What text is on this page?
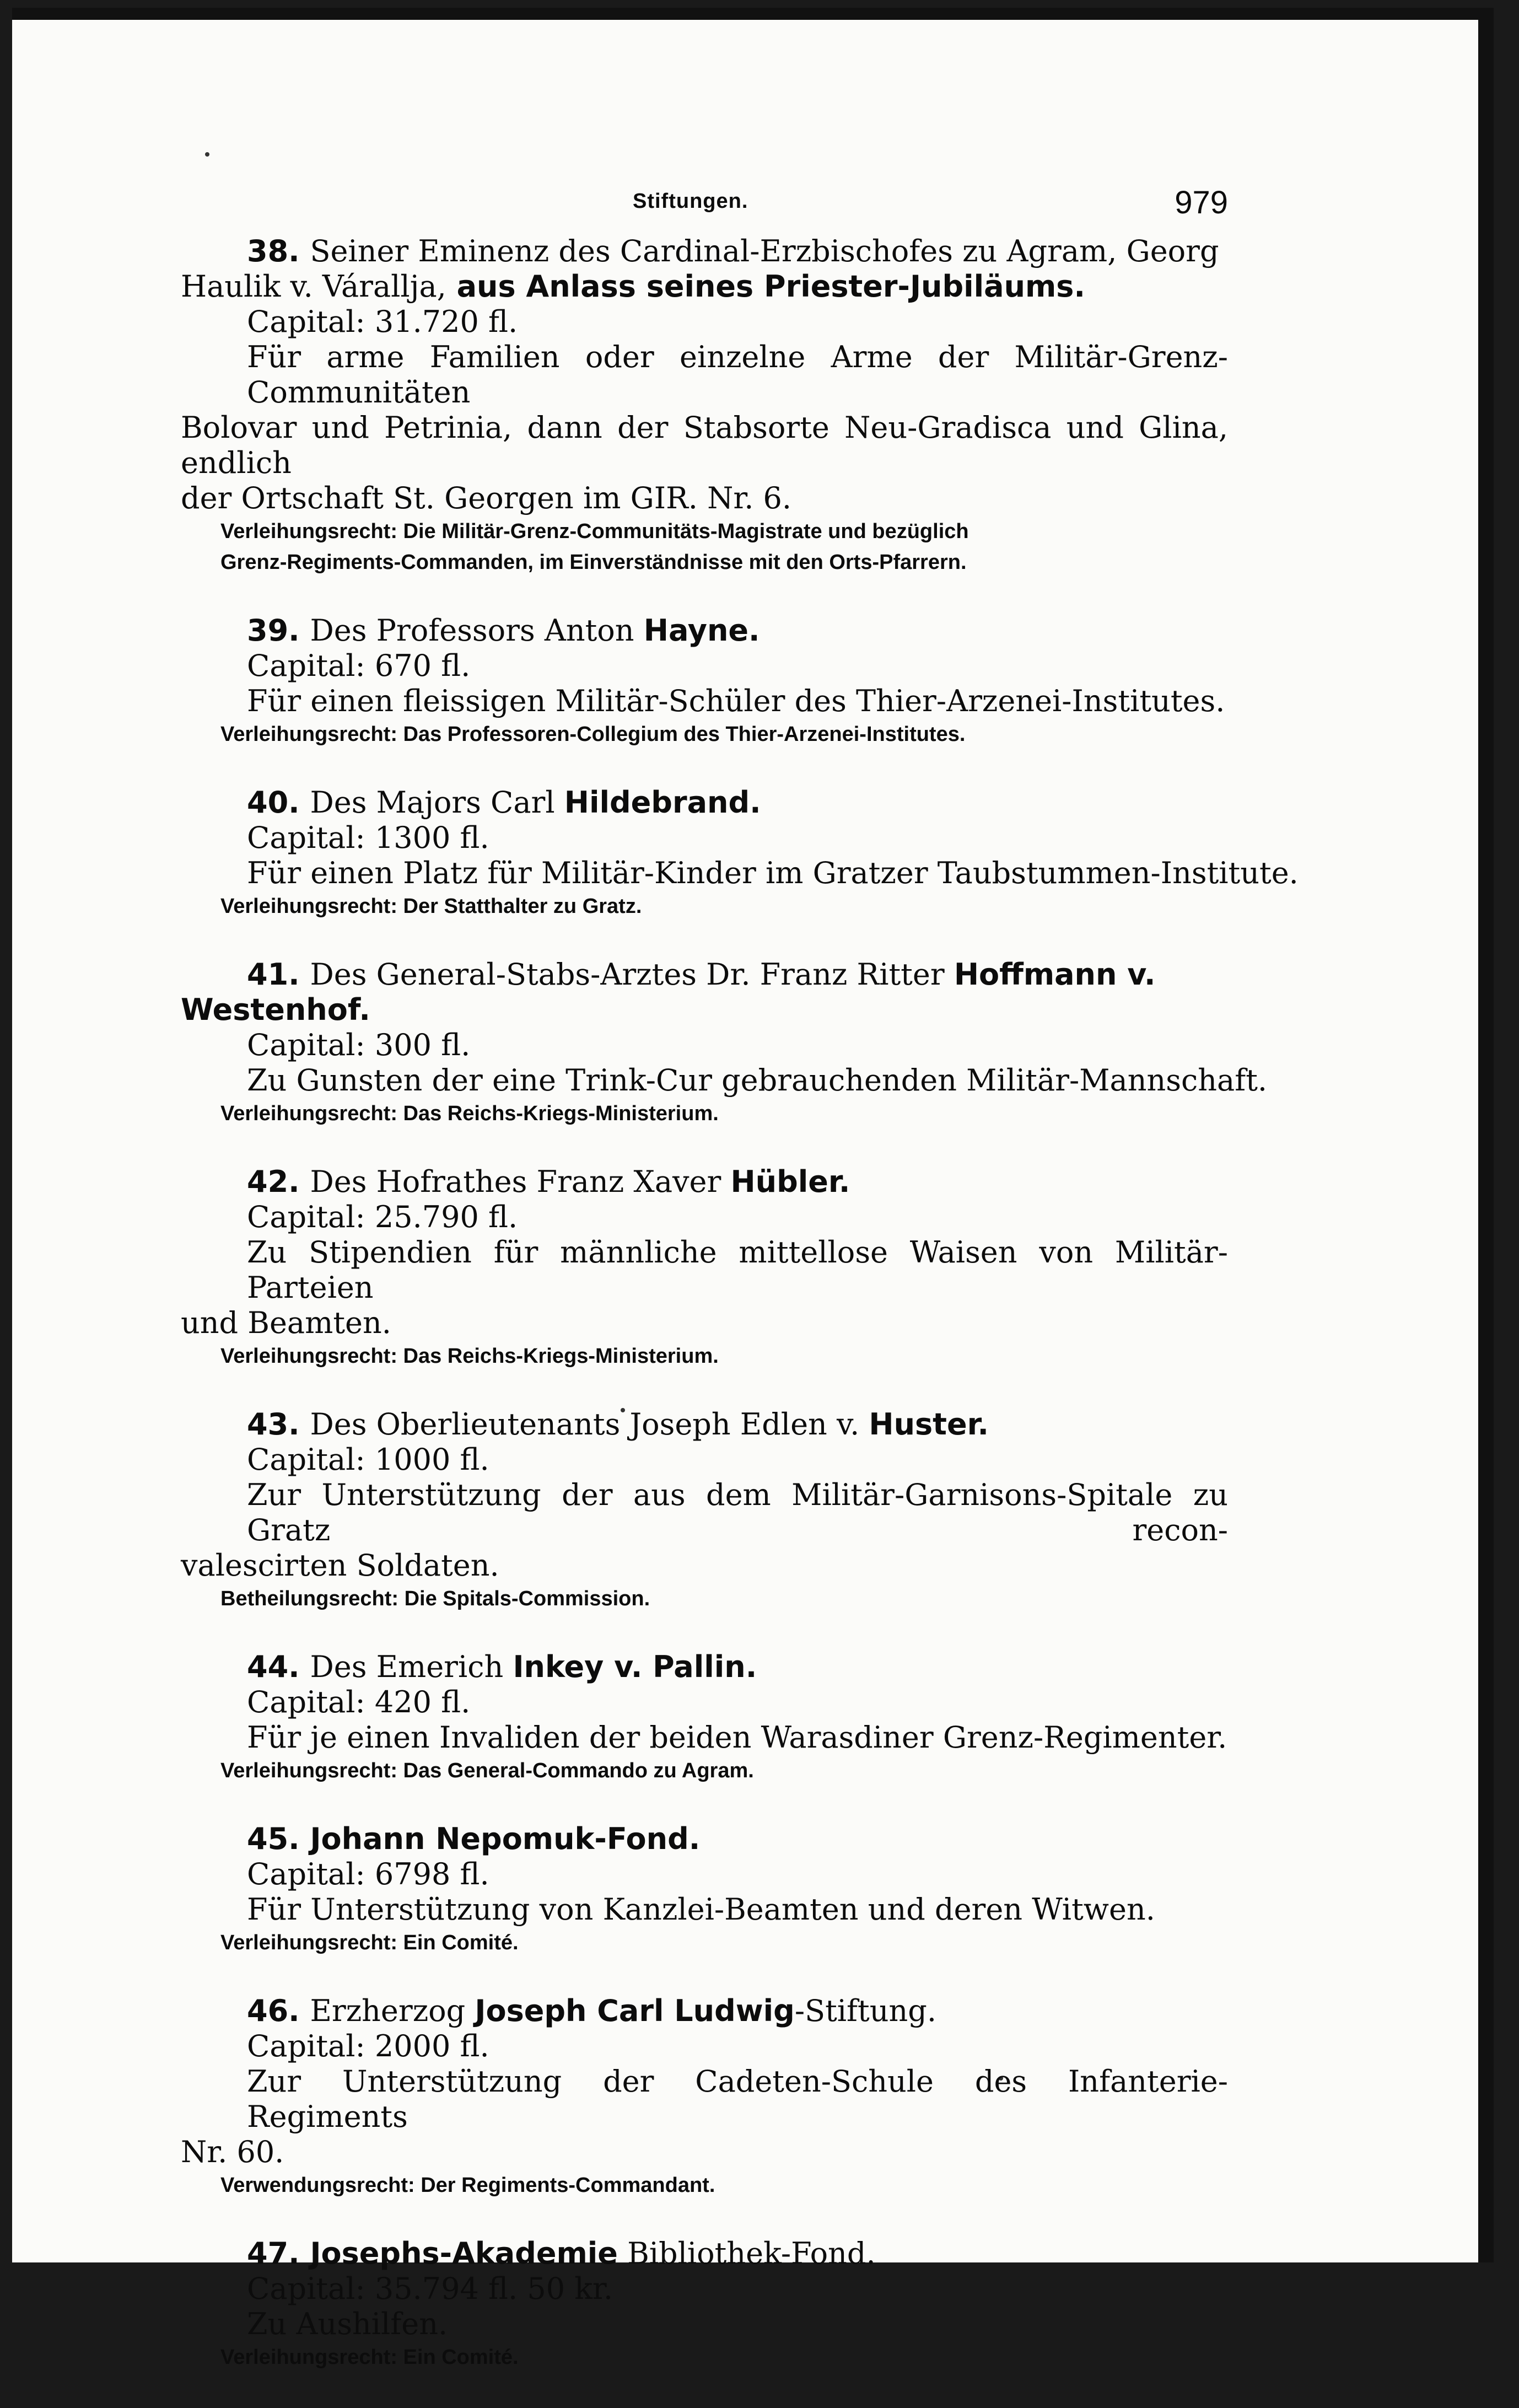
Stiftungen.	979
38. Seiner Eminenz des Cardinal-Erzbischofes zu Agram, Georg
Haulik v. Várallja, aus Anlass seines Priester-Jubiläums.
Capital: 31.720 fl.
Für arme Familien oder einzelne Arme der Militär-Grenz-Communitäten
Bolovar und Petrinia, dann der Stabsorte Neu-Gradisca und Glina, endlich
der Ortschaft St. Georgen im GIR. Nr. 6.
Verleihungsrecht: Die Militär-Grenz-Communitäts-Magistrate und bezüglich
Grenz-Regiments-Commanden, im Einverständnisse mit den Orts-Pfarrern.
39. Des Professors Anton Hayne.
Capital: 670 fl.
Für einen fleissigen Militär-Schüler des Thier-Arzenei-Institutes.
Verleihungsrecht: Das Professoren-Collegium des Thier-Arzenei-Institutes.
40. Des Majors Carl Hildebrand.
Capital: 1300 fl.
Für einen Platz für Militär-Kinder im Gratzer Taubstummen-Institute.
Verleihungsrecht: Der Statthalter zu Gratz.
41. Des General-Stabs-Arztes Dr. Franz Ritter Hoffmann v.
Westenhof.
Capital: 300 fl.
Zu Gunsten der eine Trink-Cur gebrauchenden Militär-Mannschaft.
Verleihungsrecht: Das Reichs-Kriegs-Ministerium.
42. Des Hofrathes Franz Xaver Hübler.
Capital: 25.790 fl.
Zu Stipendien für männliche mittellose Waisen von Militär-Parteien
und Beamten.
Verleihungsrecht: Das Reichs-Kriegs-Ministerium.
43. Des Oberlieutenants Joseph Edlen v. Huster.
Capital: 1000 fl.
Zur Unterstützung der aus dem Militär-Garnisons-Spitale zu Gratz recon-
valescirten Soldaten.
Betheilungsrecht: Die Spitals-Commission.
44. Des Emerich Inkey v. Pallin.
Capital: 420 fl.
Für je einen Invaliden der beiden Warasdiner Grenz-Regimenter.
Verleihungsrecht: Das General-Commando zu Agram.
45. Johann Nepomuk-Fond.
Capital: 6798 fl.
Für Unterstützung von Kanzlei-Beamten und deren Witwen.
Verleihungsrecht: Ein Comité.
46. Erzherzog Joseph Carl Ludwig-Stiftung.
Capital: 2000 fl.
Zur Unterstützung der Cadeten-Schule des Infanterie-Regiments
Nr. 60.
Verwendungsrecht: Der Regiments-Commandant.
47. Josephs-Akademie Bibliothek-Fond.
Capital: 35.794 fl. 50 kr.
Zu Aushilfen.
Verleihungsrecht: Ein Comité.
